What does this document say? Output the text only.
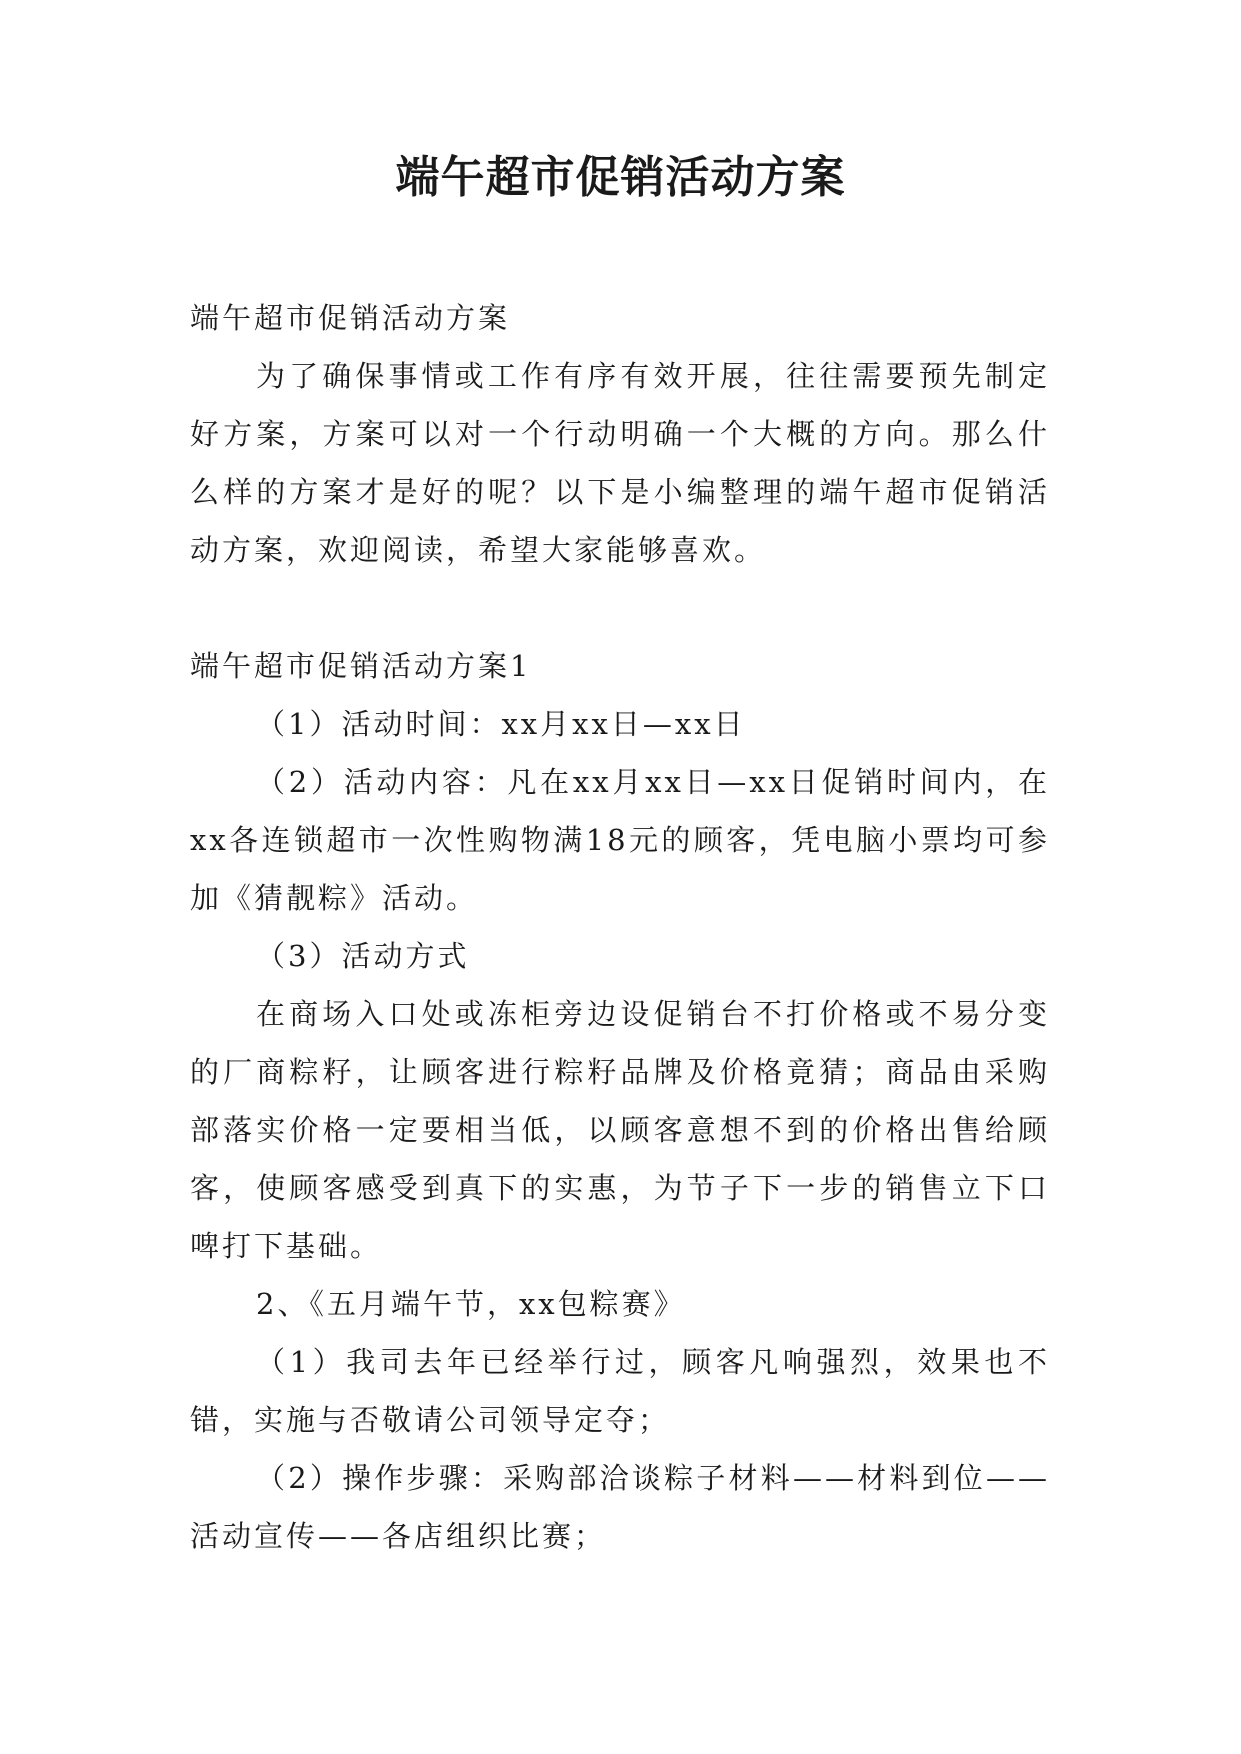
端午超市促销活动方案

端午超市促销活动方案

为了确保事情或工作有序有效开展，往往需要预先制定好方案，方案可以对一个行动明确一个大概的方向。那么什么样的方案才是好的呢？以下是小编整理的端午超市促销活动方案，欢迎阅读，希望大家能够喜欢。

端午超市促销活动方案1

（1）活动时间：xx月xx日—xx日

（2）活动内容：凡在xx月xx日—xx日促销时间内，在xx各连锁超市一次性购物满18元的顾客，凭电脑小票均可参加《猜靓粽》活动。

（3）活动方式

在商场入口处或冻柜旁边设促销台不打价格或不易分变的厂商粽籽，让顾客进行粽籽品牌及价格竟猜；商品由采购部落实价格一定要相当低，以顾客意想不到的价格出售给顾客，使顾客感受到真下的实惠，为节子下一步的销售立下口啤打下基础。

2、《五月端午节，xx包粽赛》

（1）我司去年已经举行过，顾客凡响强烈，效果也不错，实施与否敬请公司领导定夺；

（2）操作步骤：采购部洽谈粽子材料——材料到位——活动宣传——各店组织比赛；
